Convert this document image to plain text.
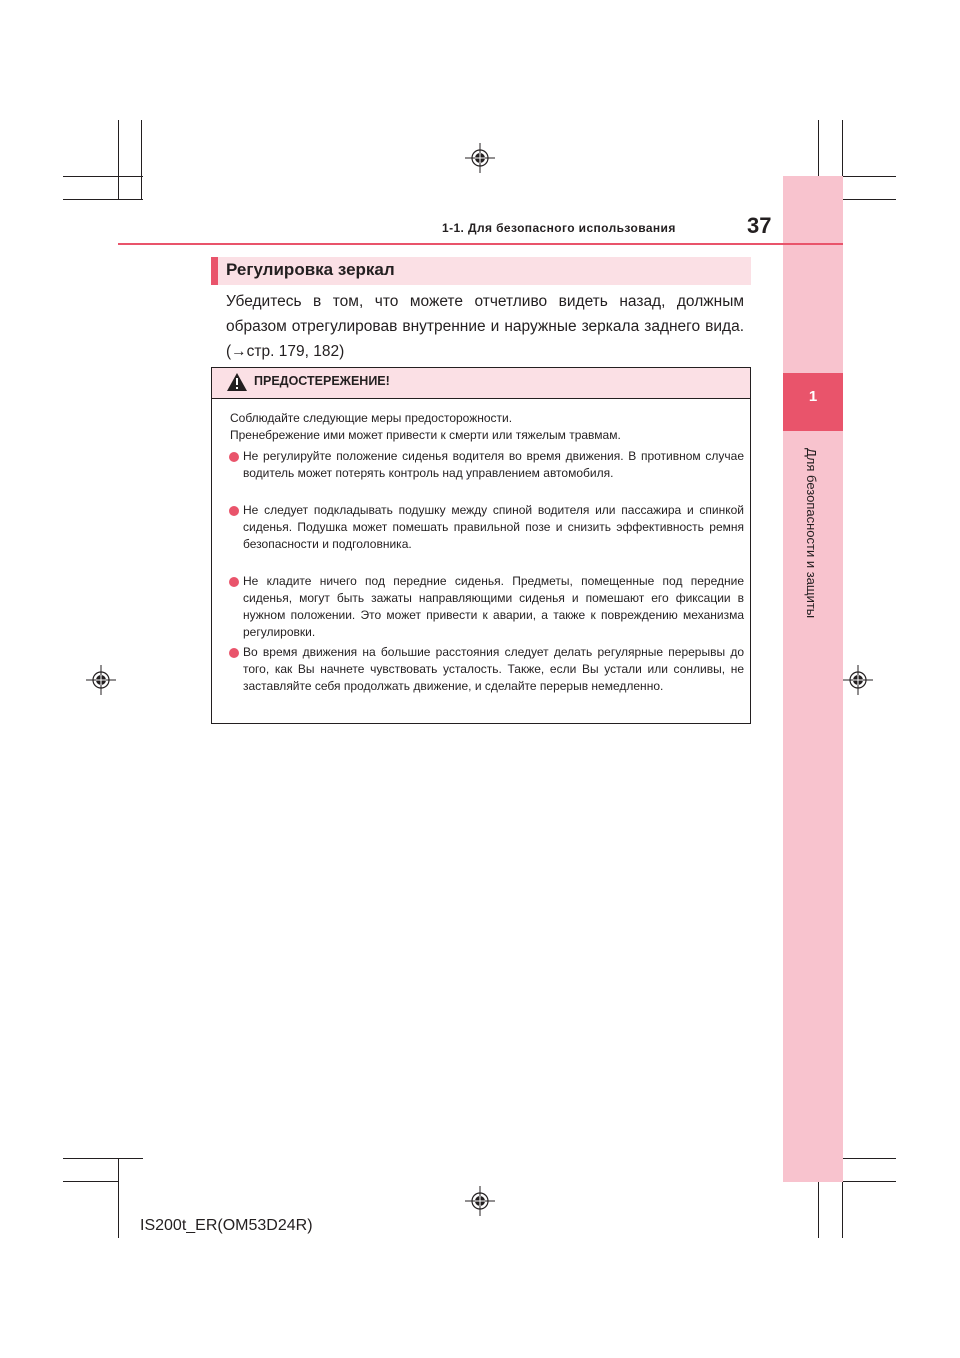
1
Для безопасности и защиты
1-1. Для безопасного использования	37
Регулировка зеркал
Убедитесь в том, что можете отчетливо видеть назад, должным образом отрегулировав внутренние и наружные зеркала заднего вида. (→стр. 179, 182)
ПРЕДОСТЕРЕЖЕНИЕ!
Соблюдайте следующие меры предосторожности.
Пренебрежение ими может привести к смерти или тяжелым травмам.
Не регулируйте положение сиденья водителя во время движения. В противном случае водитель может потерять контроль над управлением автомобиля.
Не следует подкладывать подушку между спиной водителя или пассажира и спинкой сиденья. Подушка может помешать правильной позе и снизить эффективность ремня безопасности и подголовника.
Не кладите ничего под передние сиденья. Предметы, помещенные под передние сиденья, могут быть зажаты направляющими сиденья и помешают его фиксации в нужном положении. Это может привести к аварии, а также к повреждению механизма регулировки.
Во время движения на большие расстояния следует делать регулярные перерывы до того, как Вы начнете чувствовать усталость. Также, если Вы устали или сонливы, не заставляйте себя продолжать движение, и сделайте перерыв немедленно.
IS200t_ER(OM53D24R)
